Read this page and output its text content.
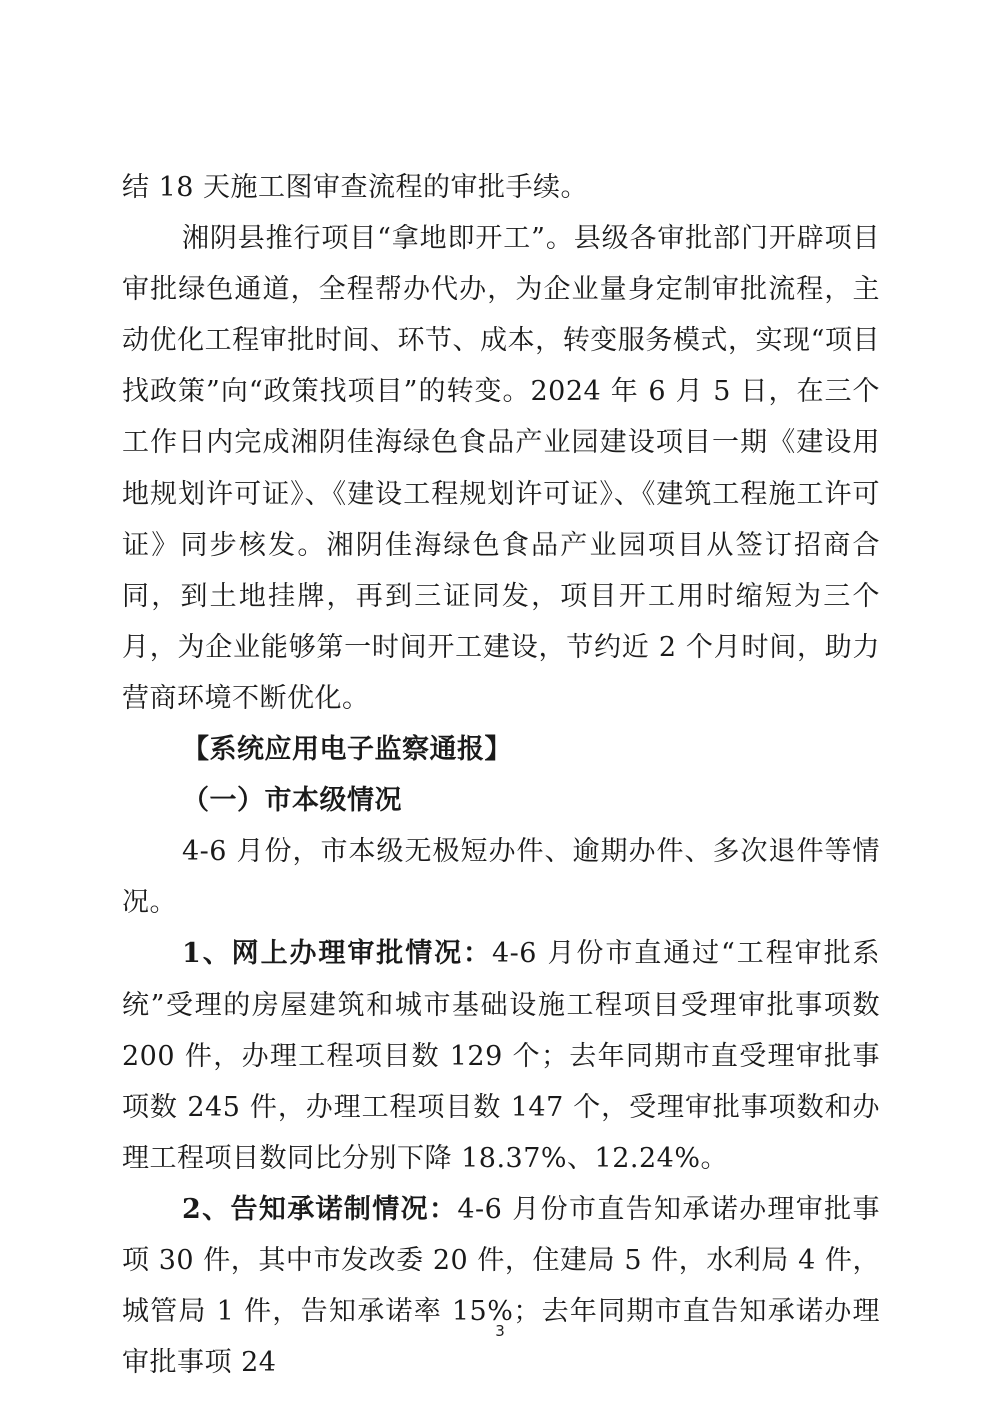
结 18 天施工图审查流程的审批手续。

湘阴县推行项目“拿地即开工”。县级各审批部门开辟项目审批绿色通道，全程帮办代办，为企业量身定制审批流程，主动优化工程审批时间、环节、成本，转变服务模式，实现“项目找政策”向“政策找项目”的转变。2024 年 6 月 5 日，在三个工作日内完成湘阴佳海绿色食品产业园建设项目一期《建设用地规划许可证》、《建设工程规划许可证》、《建筑工程施工许可证》同步核发。湘阴佳海绿色食品产业园项目从签订招商合同，到土地挂牌，再到三证同发，项目开工用时缩短为三个月，为企业能够第一时间开工建设，节约近 2 个月时间，助力营商环境不断优化。

【系统应用电子监察通报】

（一）市本级情况

4-6 月份，市本级无极短办件、逾期办件、多次退件等情况。

1、网上办理审批情况：4-6 月份市直通过“工程审批系统”受理的房屋建筑和城市基础设施工程项目受理审批事项数 200 件，办理工程项目数 129 个；去年同期市直受理审批事项数 245 件，办理工程项目数 147 个，受理审批事项数和办理工程项目数同比分别下降 18.37%、12.24%。

2、告知承诺制情况：4-6 月份市直告知承诺办理审批事项 30 件，其中市发改委 20 件，住建局 5 件，水利局 4 件，城管局 1 件，告知承诺率 15%；去年同期市直告知承诺办理审批事项 24

3
